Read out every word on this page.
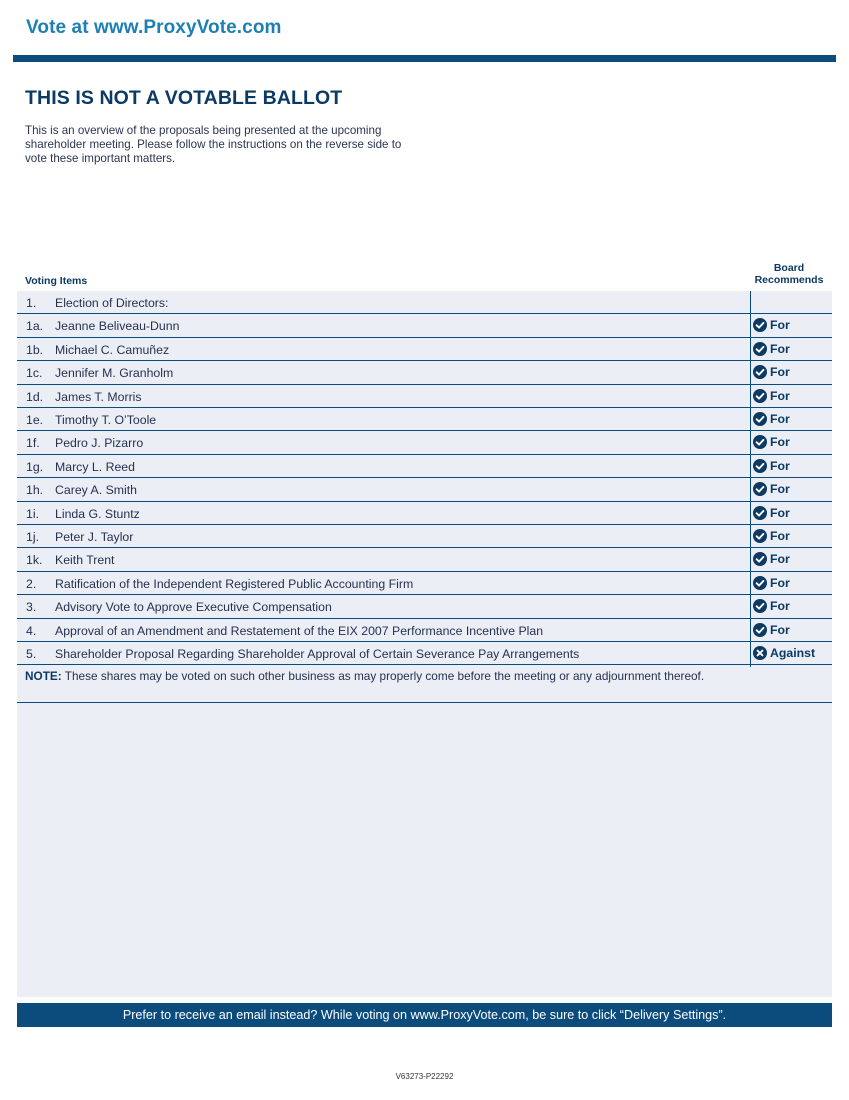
Vote at www.ProxyVote.com
THIS IS NOT A VOTABLE BALLOT

This is an overview of the proposals being presented at the upcoming shareholder meeting. Please follow the instructions on the reverse side to vote these important matters.

Voting Items
Board
Recommends
1. Election of Directors:
1a. Jeanne Beliveau-Dunn	For
1b. Michael C. Camuñez	For
1c. Jennifer M. Granholm	For
1d. James T. Morris	For
1e. Timothy T. O’Toole	For
1f. Pedro J. Pizarro	For
1g. Marcy L. Reed	For
1h. Carey A. Smith	For
1i. Linda G. Stuntz	For
1j. Peter J. Taylor	For
1k. Keith Trent	For
2. Ratification of the Independent Registered Public Accounting Firm	For
3. Advisory Vote to Approve Executive Compensation	For
4. Approval of an Amendment and Restatement of the EIX 2007 Performance Incentive Plan	For
5. Shareholder Proposal Regarding Shareholder Approval of Certain Severance Pay Arrangements	Against

NOTE: These shares may be voted on such other business as may properly come before the meeting or any adjournment thereof.

Prefer to receive an email instead? While voting on www.ProxyVote.com, be sure to click “Delivery Settings”.
V63273-P22292
